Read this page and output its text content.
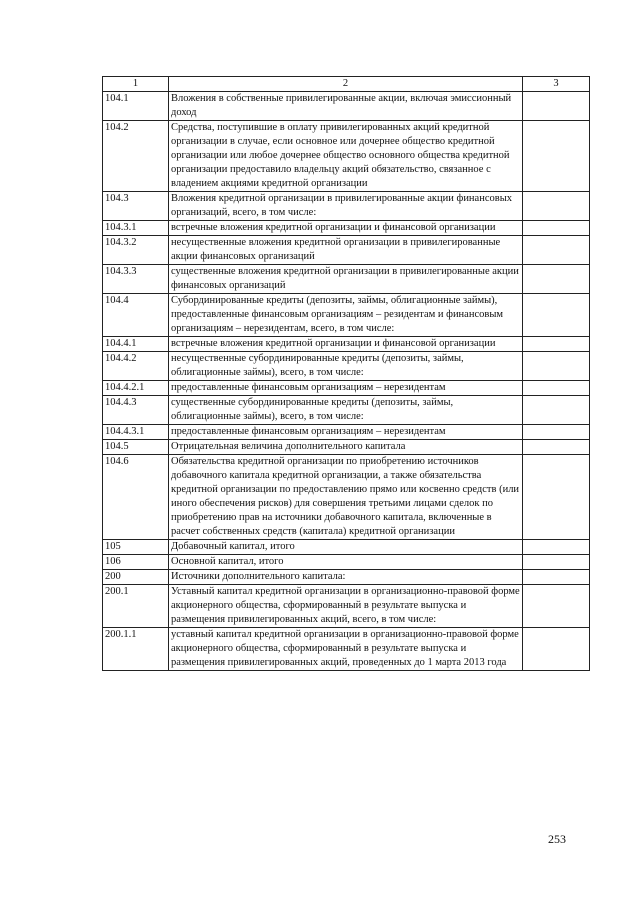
1	2	3
104.1	Вложения в собственные привилегированные акции, включая эмиссионный доход	
104.2	Средства, поступившие в оплату привилегированных акций кредитной организации в случае, если основное или дочернее общество кредитной организации или любое дочернее общество основного общества кредитной организации предоставило владельцу акций обязательство, связанное с владением акциями кредитной организации	
104.3	Вложения кредитной организации в привилегированные акции финансовых организаций, всего, в том числе:	
104.3.1	встречные вложения кредитной организации и финансовой организации	
104.3.2	несущественные вложения кредитной организации в привилегированные акции финансовых организаций	
104.3.3	существенные вложения кредитной организации в привилегированные акции финансовых организаций	
104.4	Субординированные кредиты (депозиты, займы, облигационные займы), предоставленные финансовым организациям – резидентам и финансовым организациям – нерезидентам, всего, в том числе:	
104.4.1	встречные вложения кредитной организации и финансовой организации	
104.4.2	несущественные субординированные кредиты (депозиты, займы, облигационные займы), всего, в том числе:	
104.4.2.1	предоставленные финансовым организациям – нерезидентам	
104.4.3	существенные субординированные кредиты (депозиты, займы, облигационные займы), всего, в том числе:	
104.4.3.1	предоставленные финансовым организациям – нерезидентам	
104.5	Отрицательная величина дополнительного капитала	
104.6	Обязательства кредитной организации по приобретению источников добавочного капитала кредитной организации, а также обязательства кредитной организации по предоставлению прямо или косвенно средств (или иного обеспечения рисков) для совершения третьими лицами сделок по приобретению прав на источники добавочного капитала, включенные в расчет собственных средств (капитала) кредитной организации	
105	Добавочный капитал, итого	
106	Основной капитал, итого	
200	Источники дополнительного капитала:	
200.1	Уставный капитал кредитной организации в организационно-правовой форме акционерного общества, сформированный в результате выпуска и размещения привилегированных акций, всего, в том числе:	
200.1.1	уставный капитал кредитной организации в организационно-правовой форме акционерного общества, сформированный в результате выпуска и размещения привилегированных акций, проведенных до 1 марта 2013 года	
253
